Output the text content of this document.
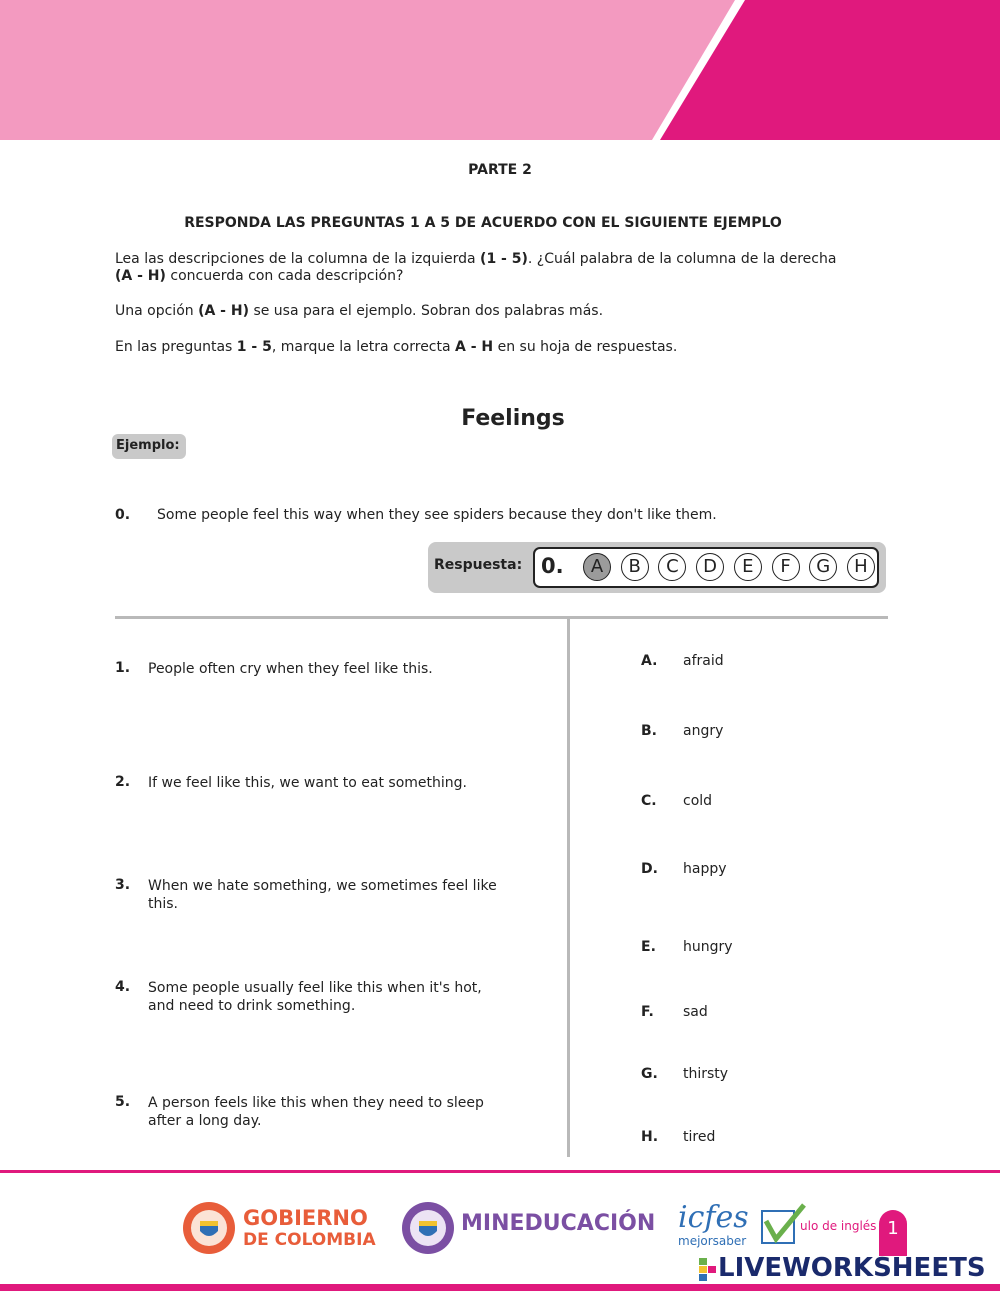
PARTE 2
RESPONDA LAS PREGUNTAS 1 A 5 DE ACUERDO CON EL SIGUIENTE EJEMPLO
Lea las descripciones de la columna de la izquierda (1 - 5). ¿Cuál palabra de la columna de la derecha (A - H) concuerda con cada descripción?
Una opción (A - H) se usa para el ejemplo. Sobran dos palabras más.
En las preguntas 1 - 5, marque la letra correcta A - H en su hoja de respuestas.
Feelings
Ejemplo:
0. Some people feel this way when they see spiders because they don't like them.
Respuesta: 0.	A	B	C	D	E	F	G	H
1. People often cry when they feel like this.
2. If we feel like this, we want to eat something.
3. When we hate something, we sometimes feel like this.
4. Some people usually feel like this when it's hot, and need to drink something.
5. A person feels like this when they need to sleep after a long day.
A. afraid
B. angry
C. cold
D. happy
E. hungry
F. sad
G. thirsty
H. tired
GOBIERNO
DE COLOMBIA
MINEDUCACIÓN icfes
mejorsaber
ulo de inglés 1
LIVEWORKSHEETS
